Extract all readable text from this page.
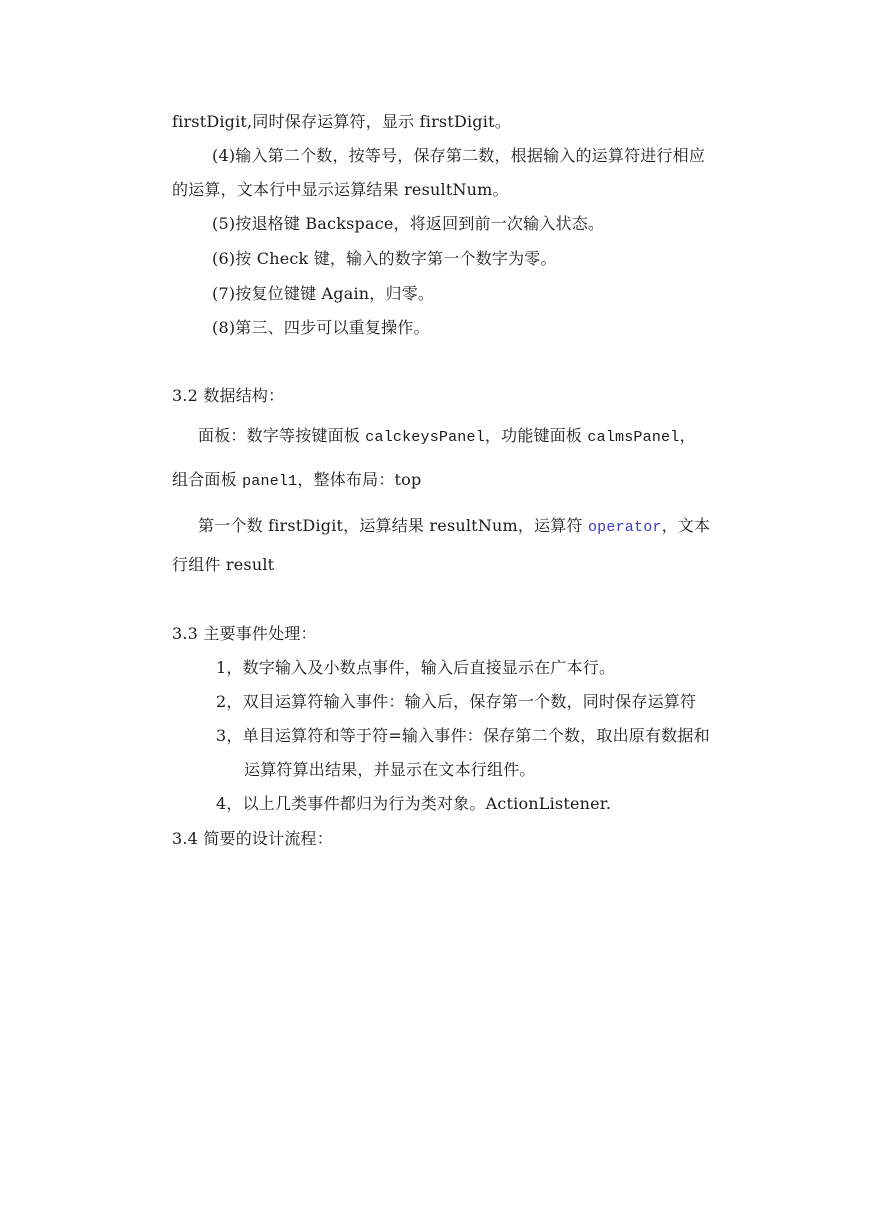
firstDigit,同时保存运算符，显示 firstDigit。
(4)输入第二个数，按等号，保存第二数，根据输入的运算符进行相应
的运算，文本行中显示运算结果 resultNum。
(5)按退格键 Backspace，将返回到前一次输入状态。
(6)按 Check 键，输入的数字第一个数字为零。
(7)按复位键键 Again，归零。
(8)第三、四步可以重复操作。
3.2 数据结构：
面板：数字等按键面板 calckeysPanel，功能键面板 calmsPanel，
组合面板 panel1，整体布局：top
第一个数 firstDigit，运算结果 resultNum，运算符 operator，文本
行组件 result
3.3 主要事件处理：
1，数字输入及小数点事件，输入后直接显示在广本行。
2，双目运算符输入事件：输入后，保存第一个数，同时保存运算符
3，单目运算符和等于符=输入事件：保存第二个数，取出原有数据和
运算符算出结果，并显示在文本行组件。
4，以上几类事件都归为行为类对象。ActionListener.
3.4 简要的设计流程：
